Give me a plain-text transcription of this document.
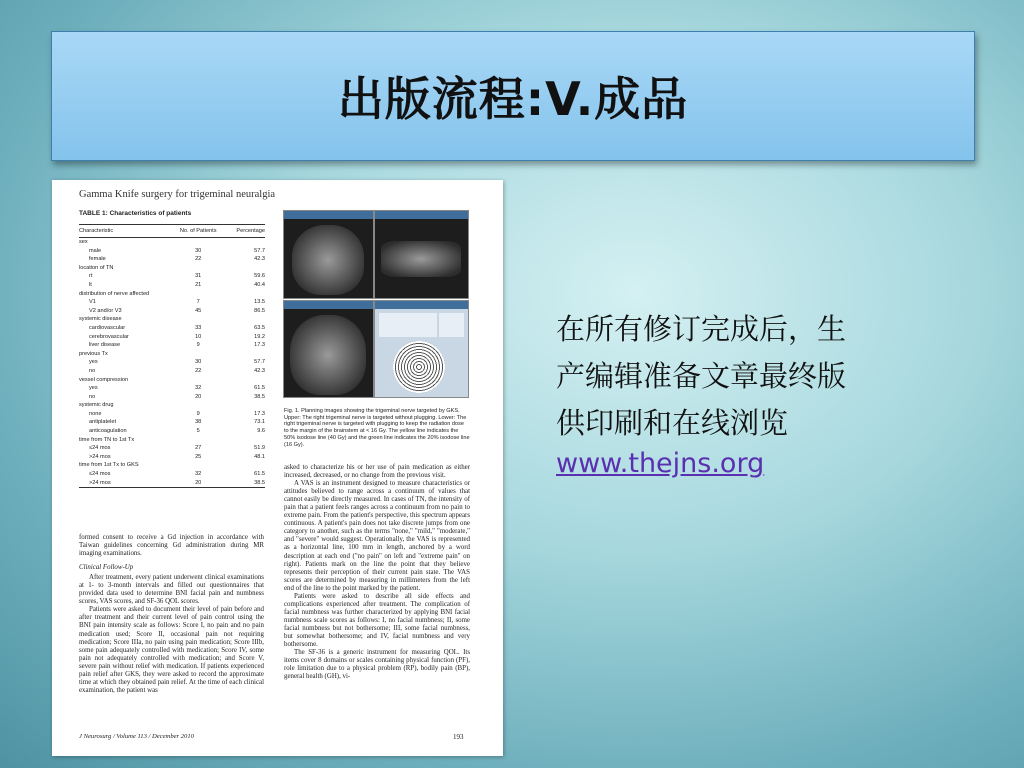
出版流程:V.成品
Gamma Knife surgery for trigeminal neuralgia
TABLE 1: Characteristics of patients
Characteristic	No. of Patients	Percentage
sex		
male	30	57.7
female	22	42.3
location of TN		
rt	31	59.6
lt	21	40.4
distribution of nerve affected		
V1	7	13.5
V2 and/or V3	45	86.5
systemic disease		
cardiovascular	33	63.5
cerebrovascular	10	19.2
liver disease	9	17.3
previous Tx		
yes	30	57.7
no	22	42.3
vessel compression		
yes	32	61.5
no	20	38.5
systemic drug		
none	9	17.3
antiplatelet	38	73.1
anticoagulation	5	9.6
time from TN to 1st Tx		
≤24 mos	27	51.9
>24 mos	25	48.1
time from 1st Tx to GKS		
≤24 mos	32	61.5
>24 mos	20	38.5
Fig. 1. Planning images showing the trigeminal nerve targeted by GKS. Upper: The right trigeminal nerve is targeted without plugging. Lower: The right trigeminal nerve is targeted with plugging to keep the radiation dose to the margin of the brainstem at < 16 Gy. The yellow line indicates the 50% isodose line (40 Gy) and the green line indicates the 20% isodose line (16 Gy).

formed consent to receive a Gd injection in accordance with Taiwan guidelines concerning Gd administration during MR imaging examinations.

Clinical Follow-Up

After treatment, every patient underwent clinical examinations at 1- to 3-month intervals and filled out questionnaires that provided data used to determine BNI facial pain and numbness scores, VAS scores, and SF-36 QOL scores.

Patients were asked to document their level of pain before and after treatment and their current level of pain control using the BNI pain intensity scale as follows: Score I, no pain and no pain medication used; Score II, occasional pain not requiring medication; Score IIIa, no pain using pain medication; Score IIIb, some pain adequately controlled with medication; Score IV, some pain not adequately controlled with medication; and Score V, severe pain without relief with medication. If patients experienced pain relief after GKS, they were asked to record the approximate time at which they obtained pain relief. At the time of each clinical examination, the patient was

asked to characterize his or her use of pain medication as either increased, decreased, or no change from the previous visit.

A VAS is an instrument designed to measure characteristics or attitudes believed to range across a continuum of values that cannot easily be directly measured. In cases of TN, the intensity of pain that a patient feels ranges across a continuum from no pain to extreme pain. From the patient's perspective, this spectrum appears continuous. A patient's pain does not take discrete jumps from one category to another, such as the terms "none," "mild," "moderate," and "severe" would suggest. Operationally, the VAS is represented as a horizontal line, 100 mm in length, anchored by a word description at each end ("no pain" on left and "extreme pain" on right). Patients mark on the line the point that they believe represents their perception of their current pain state. The VAS scores are determined by measuring in millimeters from the left end of the line to the point marked by the patient.

Patients were asked to describe all side effects and complications experienced after treatment. The complication of facial numbness was further characterized by applying BNI facial numbness scale scores as follows: I, no facial numbness; II, some facial numbness but not bothersome; III, some facial numbness, but somewhat bothersome; and IV, facial numbness and very bothersome.

The SF-36 is a generic instrument for measuring QOL. Its items cover 8 domains or scales containing physical function (PF), role limitation due to a physical problem (RP), bodily pain (BP), general health (GH), vi-

J Neurosurg / Volume 113 / December 2010	193
在所有修订完成后，生
产编辑准备文章最终版
供印刷和在线浏览
www.thejns.org
